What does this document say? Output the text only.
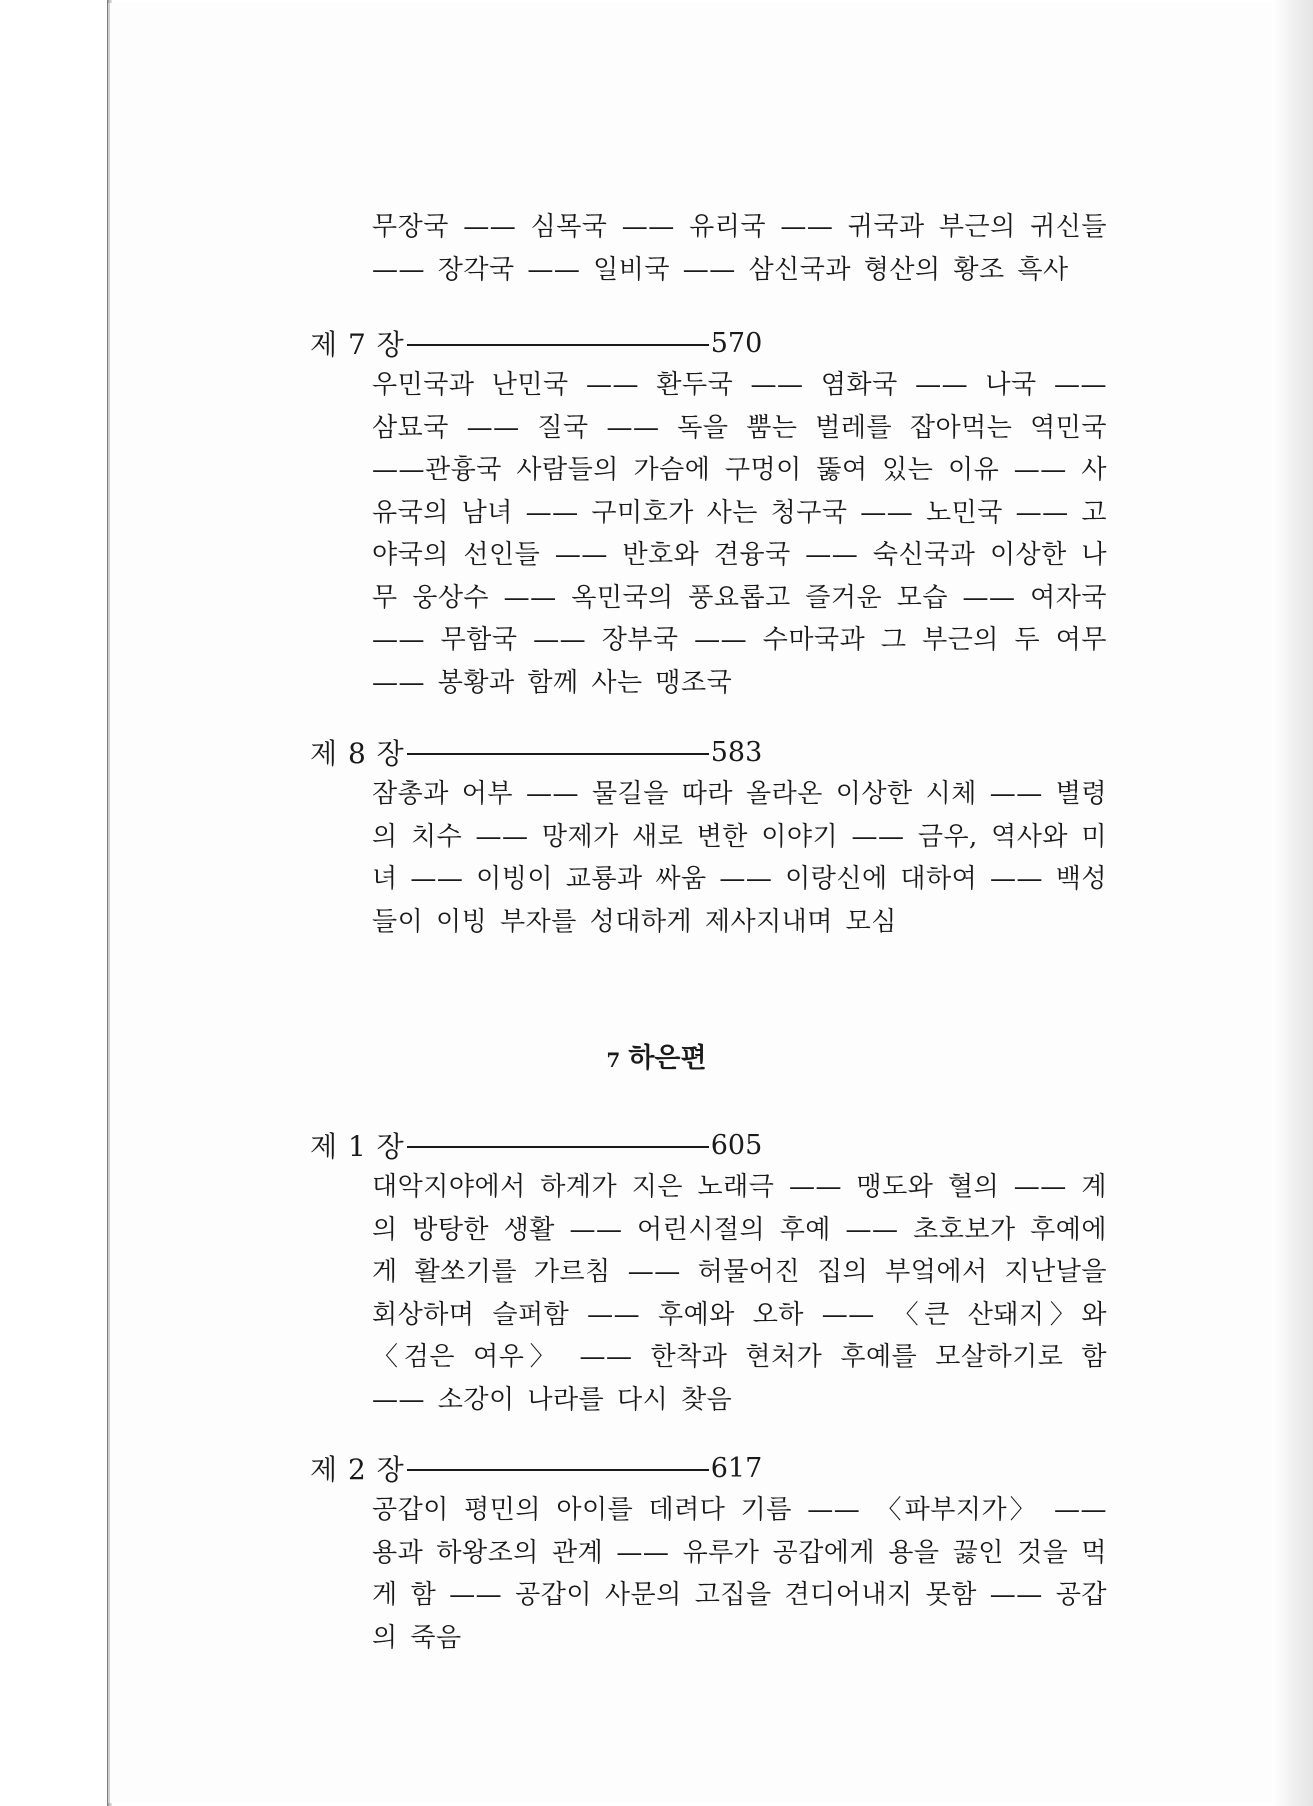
무장국 —— 심목국 —— 유리국 —— 귀국과 부근의 귀신들 —— 장각국 —— 일비국 —— 삼신국과 형산의 황조 흑사
제 7 장	570
우민국과 난민국 —— 환두국 —— 염화국 —— 나국 —— 삼묘국 —— 질국 —— 독을 뿜는 벌레를 잡아먹는 역민국 ——관흉국 사람들의 가슴에 구멍이 뚫여 있는 이유 —— 사유국의 남녀 —— 구미호가 사는 청구국 —— 노민국 —— 고야국의 선인들 —— 반호와 견융국 —— 숙신국과 이상한 나무 웅상수 —— 옥민국의 풍요롭고 즐거운 모습 —— 여자국 —— 무함국 —— 장부국 —— 수마국과 그 부근의 두 여무 —— 봉황과 함께 사는 맹조국
제 8 장	583
잠총과 어부 —— 물길을 따라 올라온 이상한 시체 —— 별령의 치수 —— 망제가 새로 변한 이야기 —— 금우, 역사와 미녀 —— 이빙이 교룡과 싸움 —— 이랑신에 대하여 —— 백성들이 이빙 부자를 성대하게 제사지내며 모심
7 하은편
제 1 장	605
대악지야에서 하계가 지은 노래극 —— 맹도와 혈의 —— 계의 방탕한 생활 —— 어린시절의 후예 —— 초호보가 후예에게 활쏘기를 가르침 —— 허물어진 집의 부엌에서 지난날을 회상하며 슬퍼함 —— 후예와 오하 —— 〈큰 산돼지〉와 〈검은 여우〉 —— 한착과 현처가 후예를 모살하기로 함 —— 소강이 나라를 다시 찾음
제 2 장	617
공갑이 평민의 아이를 데려다 기름 —— 〈파부지가〉 —— 용과 하왕조의 관계 —— 유루가 공갑에게 용을 끓인 것을 먹게 함 —— 공갑이 사문의 고집을 견디어내지 못함 —— 공갑의 죽음
